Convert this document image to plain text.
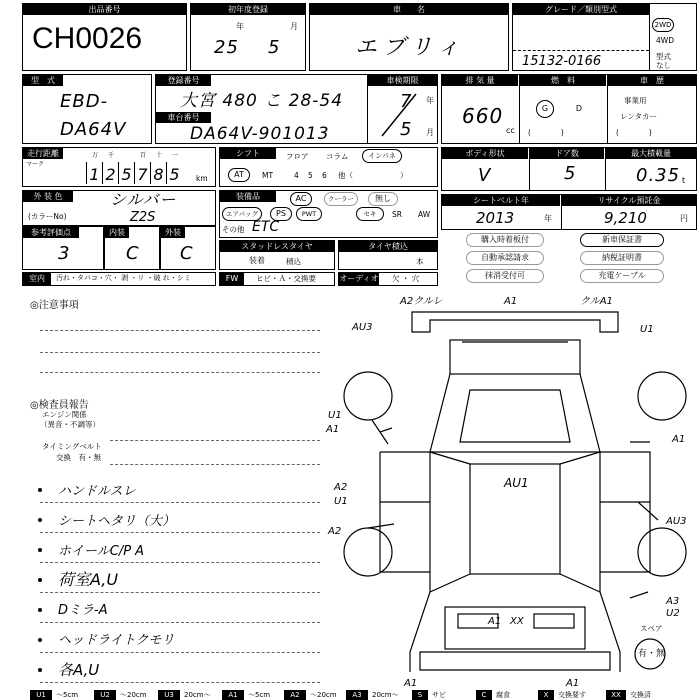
出品番号
CH0026
初年度登録
年	月
25 5
車　　名
エブリィ
グレード／類別型式
15132-0166
2WD
4WD
型式なし
型　式
EBD-
DA64V
登録番号
大宮 480 こ 28-54
車台番号
DA64V-901013
車検期限
年
月
7
5
排 気 量	燃　料	車　歴
660
cc
G	D
(　　　　)
事業用
レンタカー
(　　　　)
走行距離
マーク
万 千	百 十 一
1 2 5 7 8 5	km
シフト	フロア コラム	インパネ
AT	MT	4 5 6 他（	）
ボディ形状	ドア数	最大積載量
V	5	0.35 t
外 装 色
(カラーNo)
シルバー
Z2S
装備品	AC	クーラー	無し
エアバッグ	PS	PWT	セキ	SR AW
その他 ETC
シートベルト年	リサイクル預託金
2013	年	9,210	円
参考評価点
3
内装
C
外装
C	スタッドレスタイヤ
装着	積込
タイヤ積込
本
購入時着板付	新車保証書
自動承認請求	納税証明書
抹消受付可	充電ケーブル
室内	汚れ・タバコ・穴・ 剥 ・リ ・破 れ・シミ	FW	ヒビ・Ａ・交換要	オーディオ 欠 ・ 穴
◎注意事項
◎検査員報告
エンジン関係
（異音・不調等）
タイミングベルト
交換　有・無
ハンドルスレ
シートヘタリ（大）
ホイールC/P A
荷室A,U
Dミラ-A
ヘッドライトクモリ
各A,U
A2クルレ	A1	クルA1
AU3	U1
U1
A1
A1
AU1
A2
U1
A2
AU3
A3
U2
A1 XX
A1	A1
スペア
有・無
U1	～5cm	U2	～20cm	U3	20cm～	A1	～5cm	A2	～20cm	A3	20cm～	S	サビ	C	腐食	X	交換要す	XX	交換済
